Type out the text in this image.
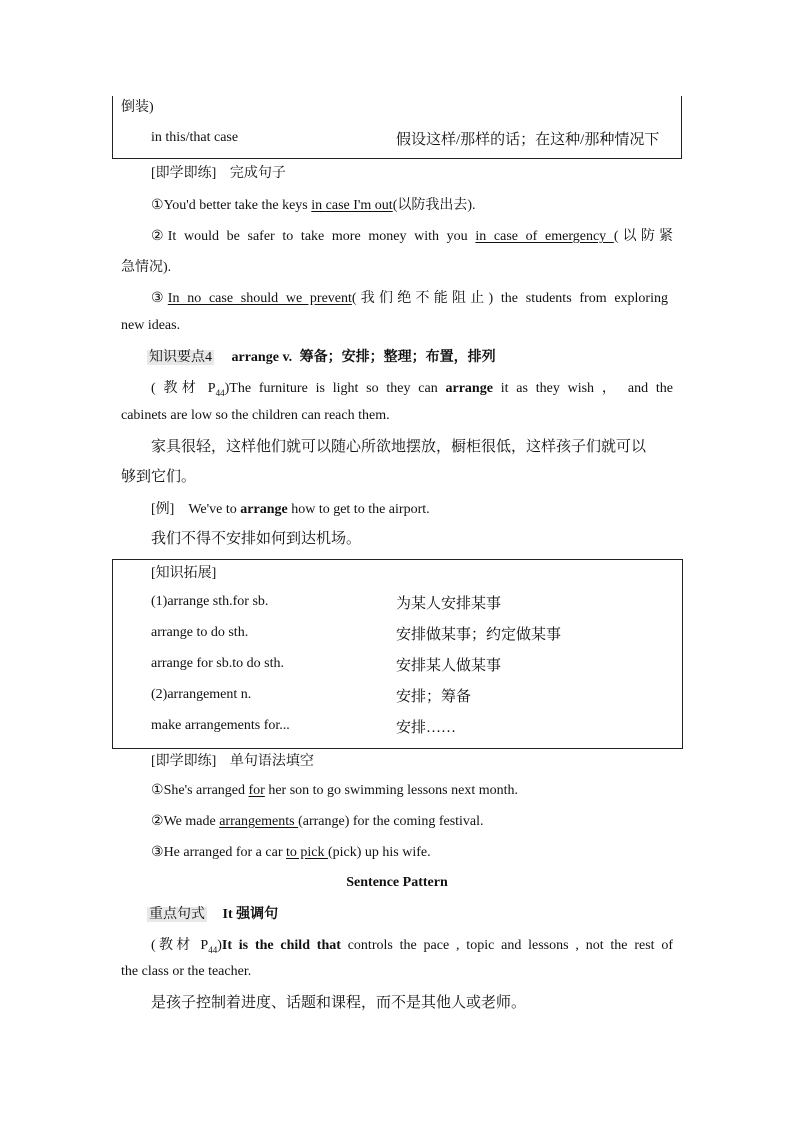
倒装)
in this/that case	假设这样/那样的话；在这种/那种情况下
[即学即练] 完成句子
①You'd better take the keys in case I'm out(以防我出去).
②It would be safer to take more money with you in case of emergency (以防紧
急情况).
③In no case should we prevent(我们绝不能阻止) the students from exploring
new ideas.
知识要点4 arrange v. 筹备；安排；整理；布置，排列
( 教材 $P_{44})The$ furniture is light so they can arrange it as they wish ， and the
cabinets are low so the children can reach them.
家具很轻，这样他们就可以随心所欲地摆放，橱柜很低，这样孩子们就可以
够到它们。
[例] We've to arrange how to get to the airport.
我们不得不安排如何到达机场。
[知识拓展]
(1)arrange sth.for sb.	为某人安排某事
arrange to do sth.	安排做某事；约定做某事
arrange for sb.to do sth.	安排某人做某事
(2)arrangement n.	安排；筹备
make arrangements for...	安排……
[即学即练] 单句语法填空
①She's arranged for her son to go swimming lessons next month.
②We made arrangements (arrange) for the coming festival.
③He arranged for a car to pick (pick) up his wife.
Sentence Pattern
重点句式 It 强调句
(教材 $P_{44})It$ is the child that controls the pace , topic and lessons , not the rest of
the class or the teacher.
是孩子控制着进度、话题和课程，而不是其他人或老师。
